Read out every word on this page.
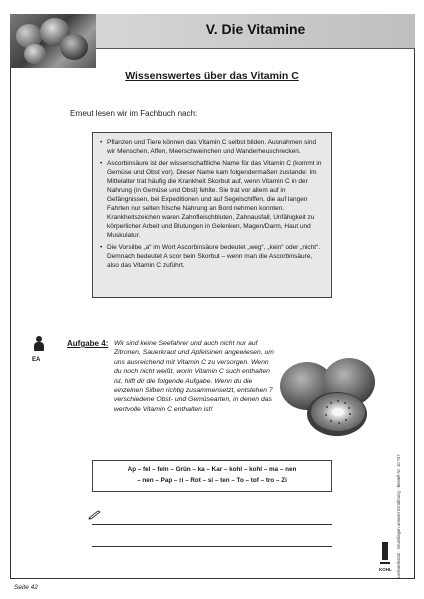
V. Die Vitamine
Wissenswertes über das Vitamin C
Erneut lesen wir im Fachbuch nach:
• Pflanzen und Tiere können das Vitamin C selbst bilden. Ausnahmen sind wir Menschen, Affen, Meerschweinchen und Wanderheuschrecken.
• Ascorbinsäure ist der wissenschaftliche Name für das Vitamin C (kommt in Gemüse und Obst vor). Dieser Name kam folgendermaßen zustande: Im Mittelalter trat häufig die Krankheit Skorbut auf, wenn Vitamin C in der Nahrung (in Gemüse und Obst) fehlte. Sie trat vor allem auf in Gefängnissen, bei Expeditionen und auf Segelschiffen, die auf langen Fahrten nur selten frische Nahrung an Bord nehmen konnten. Krankheitszeichen waren Zahnfleischbluten, Zahnausfall, Unfähigkeit zu körperlicher Arbeit und Blutungen in Gelenken, Magen/Darm, Haut und Muskulatur.
• Die Vorsilbe „a“ im Wort Ascorbinsäure bedeutet „weg“, „kein“ oder „nicht“. Demnach bedeutet A scor bein Skorbut – wenn man die Ascorbinsäure, also das Vitamin C zuführt.
EA
Aufgabe 4: Wir sind keine Seefahrer und auch nicht nur auf Zitronen, Sauerkraut und Apfelsinen angewiesen, um uns ausreichend mit Vitamin C zu versorgen. Wenn du noch nicht weißt, worin Vitamin C such enthalten ist, hilft dir die folgende Aufgabe. Wenn du die einzelnen Silben richtig zusammensetzt, entstehen 7 verschiedene Obst- und Gemüsearten, in denen das wertvolle Vitamin C enthalten ist!
Ap – fel – feln – Grün – ka – Kar – kohl – kohl – ma – nen
– nen – Pap – ri – Rot – si – ten – To – tof – tro – Zi	Lernwerkstatt · Grundlagen unserer Ernährung · Bestell-Nr. 10 747
KOHL
Seite 42
